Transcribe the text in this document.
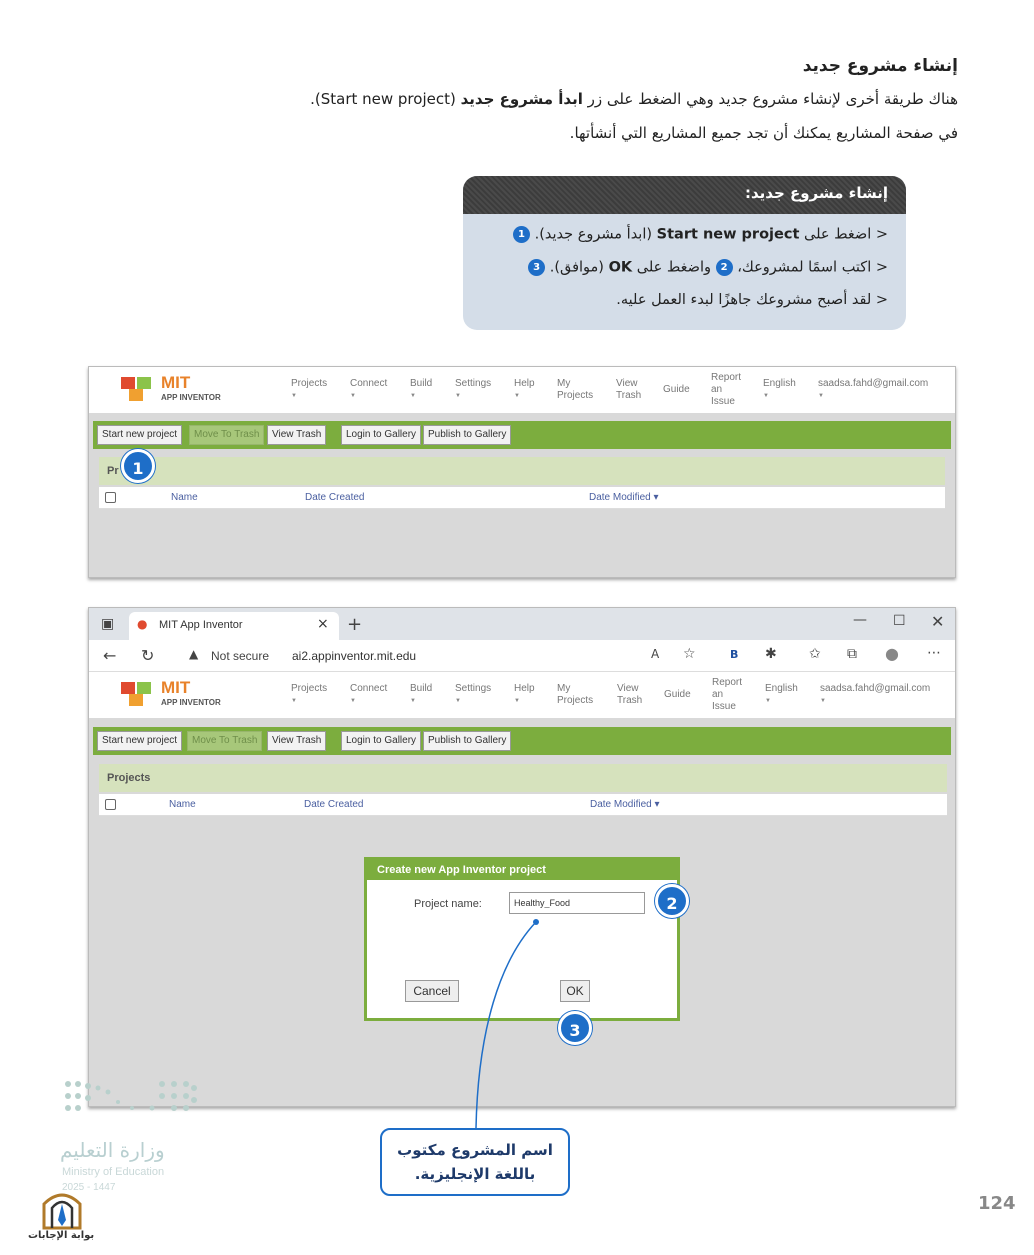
إنشاء مشروع جديد
هناك طريقة أخرى لإنشاء مشروع جديد وهي الضغط على زر ابدأ مشروع جديد (Start new project).
في صفحة المشاريع يمكنك أن تجد جميع المشاريع التي أنشأتها.
إنشاء مشروع جديد:
< اضغط على Start new project (ابدأ مشروع جديد). 1
< اكتب اسمًا لمشروعك، 2 واضغط على OK (موافق). 3
< لقد أصبح مشروعك جاهزًا لبدء العمل عليه.
MIT
APP INVENTOR
Projects
▼
Connect
▼
Build
▼
Settings
▼
Help
▼
My Projects
View Trash
Guide
Report an Issue
English
▼
saadsa.fahd@gmail.com
▼
Start new project	Move To Trash	View Trash	Login to Gallery	Publish to Gallery
Pr
Name	Date Created	Date Modified ▾
1
▣ ● MIT App Inventor	× +	— ☐ ✕
← ↻	▲ Not secure ai2.appinventor.mit.edu	A ☆	B ✱ ✩ ⧉ ● ⋯
MIT
APP INVENTOR
Projects
▼
Connect
▼
Build
▼
Settings
▼
Help
▼
My Projects
View Trash
Guide
Report an Issue
English
▼
saadsa.fahd@gmail.com
▼
Start new project	Move To Trash	View Trash	Login to Gallery	Publish to Gallery
Projects
Name	Date Created	Date Modified ▾
Create new App Inventor project
Project name:
Healthy_Food
Cancel	OK
2
3
اسم المشروع مكتوب
باللغة الإنجليزية.
وزارة التعليم
Ministry of Education
2025 - 1447
بوابة الإجابات
124
